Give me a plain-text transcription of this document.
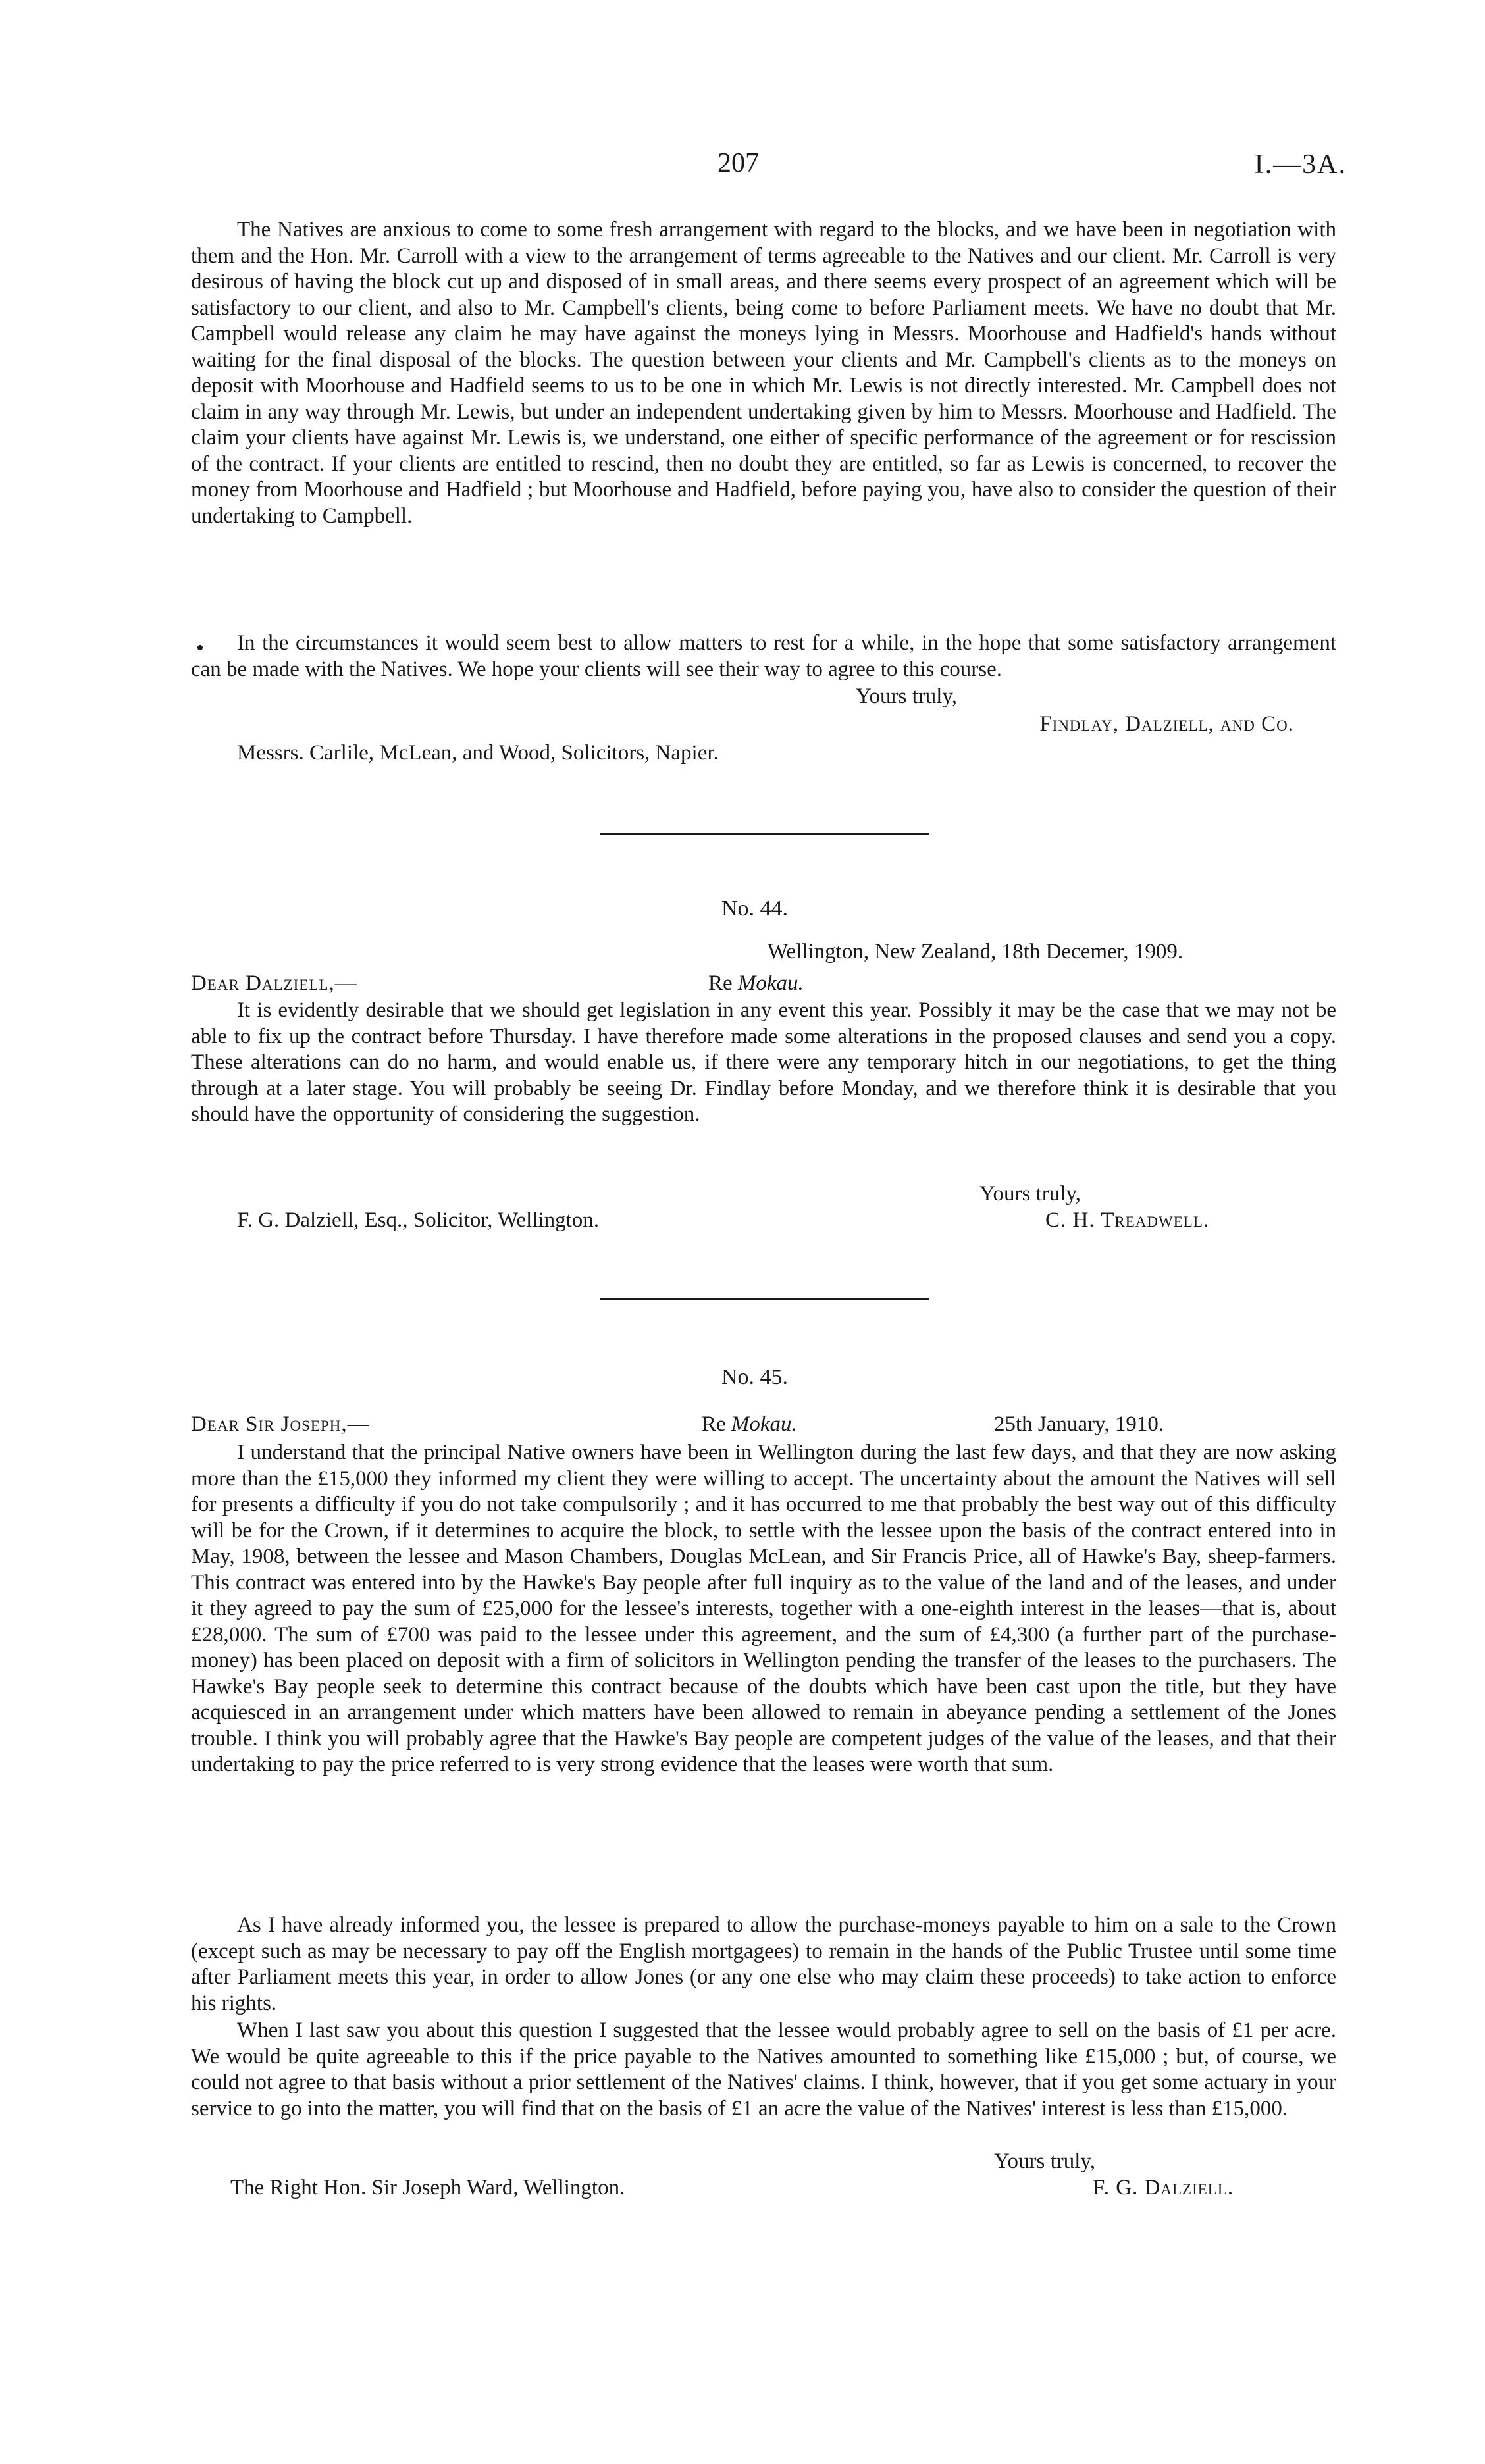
207	I.—3A.

The Natives are anxious to come to some fresh arrangement with regard to the blocks, and we have been in negotiation with them and the Hon. Mr. Carroll with a view to the arrangement of terms agreeable to the Natives and our client. Mr. Carroll is very desirous of having the block cut up and disposed of in small areas, and there seems every prospect of an agreement which will be satisfactory to our client, and also to Mr. Campbell's clients, being come to before Parliament meets. We have no doubt that Mr. Campbell would release any claim he may have against the moneys lying in Messrs. Moorhouse and Hadfield's hands without waiting for the final disposal of the blocks. The question between your clients and Mr. Campbell's clients as to the moneys on deposit with Moorhouse and Hadfield seems to us to be one in which Mr. Lewis is not directly interested. Mr. Campbell does not claim in any way through Mr. Lewis, but under an independent undertaking given by him to Messrs. Moorhouse and Hadfield. The claim your clients have against Mr. Lewis is, we understand, one either of specific performance of the agreement or for rescission of the contract. If your clients are entitled to rescind, then no doubt they are entitled, so far as Lewis is concerned, to recover the money from Moorhouse and Hadfield ; but Moorhouse and Hadfield, before paying you, have also to consider the question of their undertaking to Campbell.

•	In the circumstances it would seem best to allow matters to rest for a while, in the hope that some satisfactory arrangement can be made with the Natives. We hope your clients will see their way to agree to this course.

Yours truly,
Findlay, Dalziell, and Co.
Messrs. Carlile, McLean, and Wood, Solicitors, Napier.
No. 44.
Wellington, New Zealand, 18th Decemer, 1909.
Dear Dalziell,—	Re Mokau.

It is evidently desirable that we should get legislation in any event this year. Possibly it may be the case that we may not be able to fix up the contract before Thursday. I have therefore made some alterations in the proposed clauses and send you a copy. These alterations can do no harm, and would enable us, if there were any temporary hitch in our negotiations, to get the thing through at a later stage. You will probably be seeing Dr. Findlay before Monday, and we therefore think it is desirable that you should have the opportunity of considering the suggestion.

Yours truly,
F. G. Dalziell, Esq., Solicitor, Wellington.	C. H. Treadwell.
No. 45.
Dear Sir Joseph,—	Re Mokau.	25th January, 1910.

I understand that the principal Native owners have been in Wellington during the last few days, and that they are now asking more than the £15,000 they informed my client they were willing to accept. The uncertainty about the amount the Natives will sell for presents a difficulty if you do not take compulsorily ; and it has occurred to me that probably the best way out of this difficulty will be for the Crown, if it determines to acquire the block, to settle with the lessee upon the basis of the contract entered into in May, 1908, between the lessee and Mason Chambers, Douglas McLean, and Sir Francis Price, all of Hawke's Bay, sheep-farmers. This contract was entered into by the Hawke's Bay people after full inquiry as to the value of the land and of the leases, and under it they agreed to pay the sum of £25,000 for the lessee's interests, together with a one-eighth interest in the leases—that is, about £28,000. The sum of £700 was paid to the lessee under this agreement, and the sum of £4,300 (a further part of the purchase-money) has been placed on deposit with a firm of solicitors in Wellington pending the transfer of the leases to the purchasers. The Hawke's Bay people seek to determine this contract because of the doubts which have been cast upon the title, but they have acquiesced in an arrangement under which matters have been allowed to remain in abeyance pending a settlement of the Jones trouble. I think you will probably agree that the Hawke's Bay people are competent judges of the value of the leases, and that their undertaking to pay the price referred to is very strong evidence that the leases were worth that sum.

As I have already informed you, the lessee is prepared to allow the purchase-moneys payable to him on a sale to the Crown (except such as may be necessary to pay off the English mortgagees) to remain in the hands of the Public Trustee until some time after Parliament meets this year, in order to allow Jones (or any one else who may claim these proceeds) to take action to enforce his rights.

When I last saw you about this question I suggested that the lessee would probably agree to sell on the basis of £1 per acre. We would be quite agreeable to this if the price payable to the Natives amounted to something like £15,000 ; but, of course, we could not agree to that basis without a prior settlement of the Natives' claims. I think, however, that if you get some actuary in your service to go into the matter, you will find that on the basis of £1 an acre the value of the Natives' interest is less than £15,000.

Yours truly,
The Right Hon. Sir Joseph Ward, Wellington.	F. G. Dalziell.
